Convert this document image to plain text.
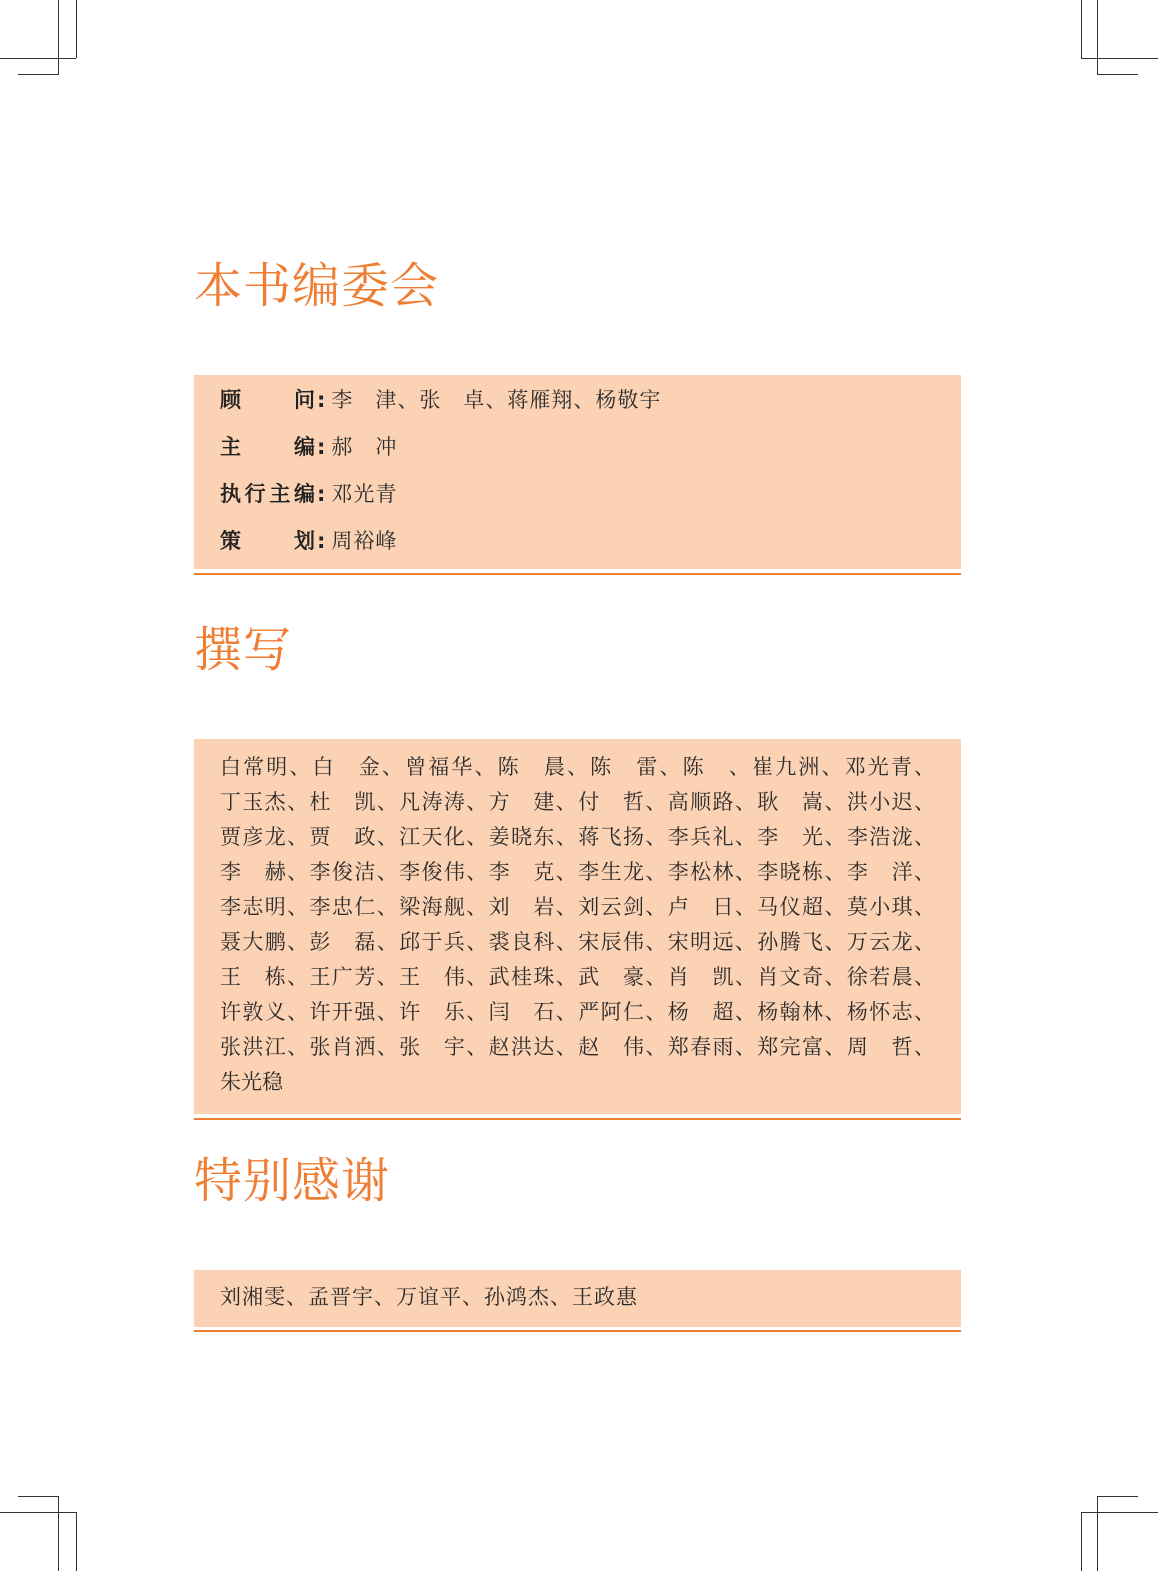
本书编委会
顾问 : 李　津、张　卓、蒋雁翔、杨敬宇
主编 : 郝　冲
执行主编 : 邓光青
策划 : 周裕峰
撰写
白常明、白　金、曾福华、陈　晨、陈　雷、陈　、崔九洲、邓光青、
丁玉杰、杜　凯、凡涛涛、方　建、付　哲、高顺路、耿　嵩、洪小迟、
贾彦龙、贾　政、江天化、姜晓东、蒋飞扬、李兵礼、李　光、李浩泷、
李　赫、李俊洁、李俊伟、李　克、李生龙、李松林、李晓栋、李　洋、
李志明、李忠仁、梁海舰、刘　岩、刘云剑、卢　日、马仪超、莫小琪、
聂大鹏、彭　磊、邱于兵、裘良科、宋辰伟、宋明远、孙腾飞、万云龙、
王　栋、王广芳、王　伟、武桂珠、武　豪、肖　凯、肖文奇、徐若晨、
许敦义、许开强、许　乐、闫　石、严阿仁、杨　超、杨翰林、杨怀志、
张洪江、张肖洒、张　宇、赵洪达、赵　伟、郑春雨、郑完富、周　哲、
朱光稳
特别感谢
刘湘雯、孟晋宇、万谊平、孙鸿杰、王政惠
